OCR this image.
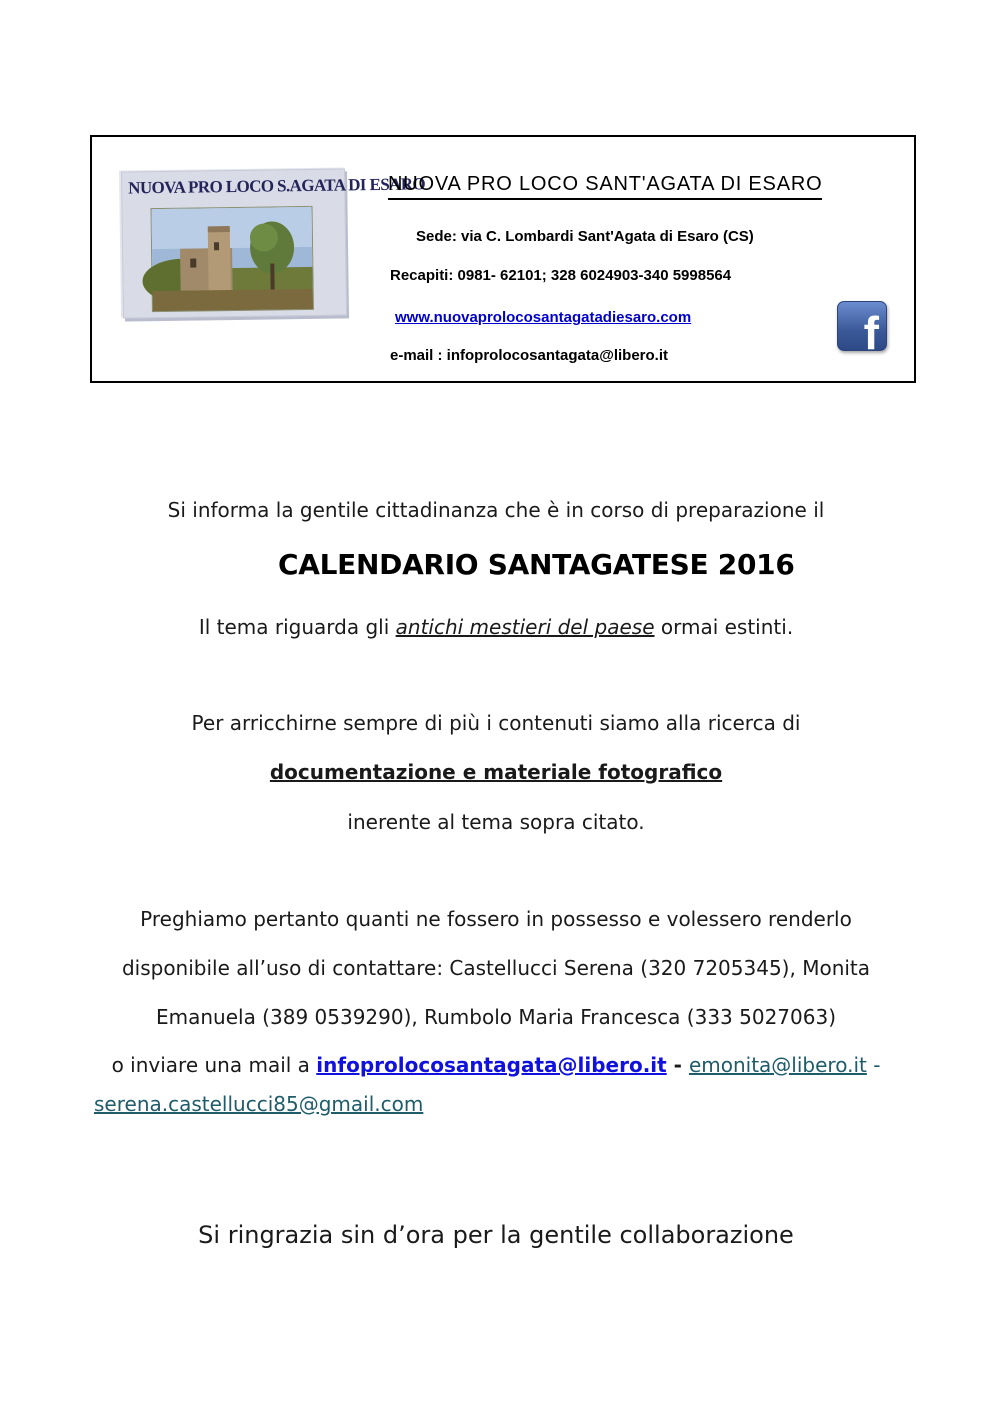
NUOVA PRO LOCO S.AGATA DI ESARO
NUOVA PRO LOCO SANT'AGATA DI ESARO
Sede: via C. Lombardi Sant'Agata di Esaro (CS)
Recapiti: 0981- 62101; 328 6024903-340 5998564
www.nuovaprolocosantagatadiesaro.com
e-mail : infoprolocosantagata@libero.it	f
Si informa la gentile cittadinanza che è in corso di preparazione il
CALENDARIO SANTAGATESE 2016
Il tema riguarda gli antichi mestieri del paese ormai estinti.
Per arricchirne sempre di più i contenuti siamo alla ricerca di
documentazione e materiale fotografico
inerente al tema sopra citato.
Preghiamo pertanto quanti ne fossero in possesso e volessero renderlo
disponibile all’uso di contattare: Castellucci Serena (320 7205345), Monita
Emanuela (389 0539290), Rumbolo Maria Francesca (333 5027063)
o inviare una mail a infoprolocosantagata@libero.it - emonita@libero.it -
serena.castellucci85@gmail.com
Si ringrazia sin d’ora per la gentile collaborazione
